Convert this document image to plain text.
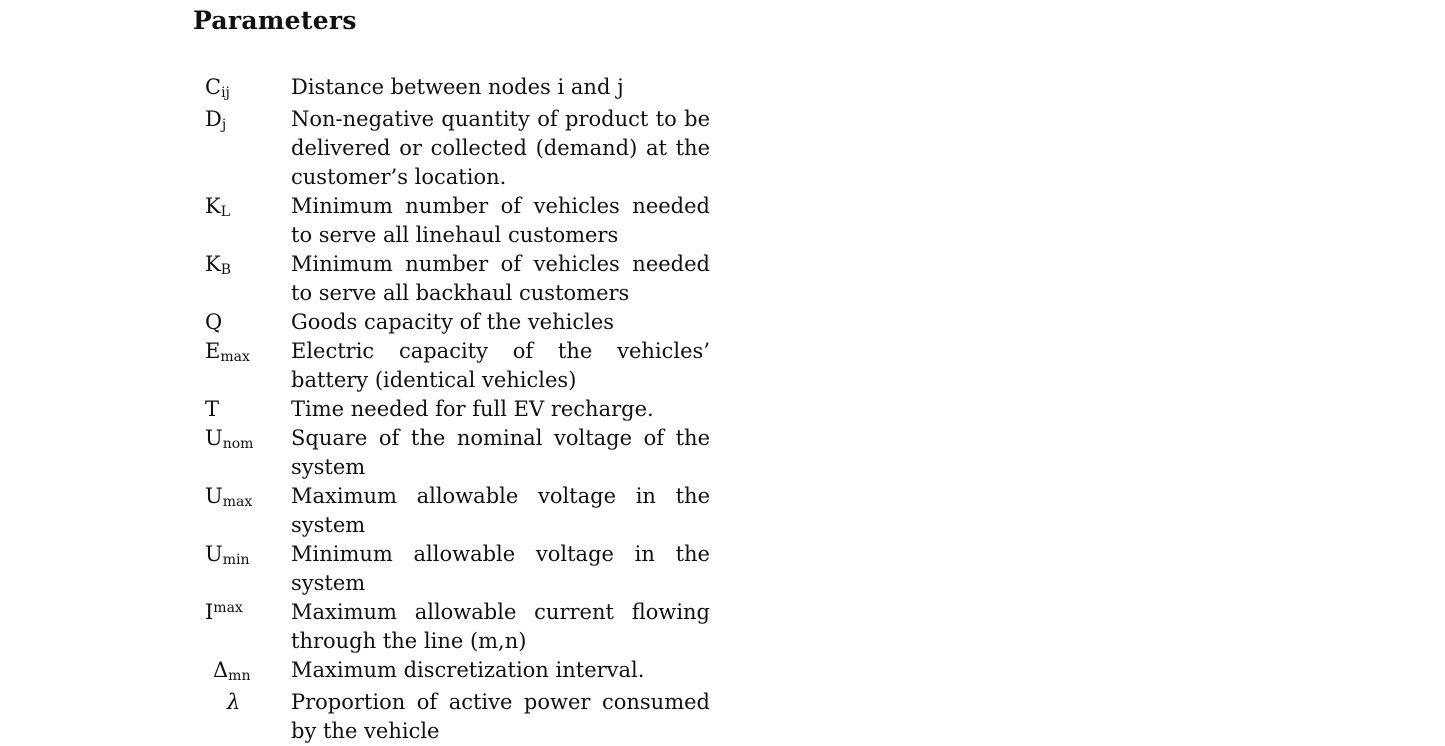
Parameters
Cij	Distance between nodes i and j
Dj	Non-negative quantity of product to be delivered or collected (demand) at the customer’s location.
KL	Minimum number of vehicles needed to serve all linehaul customers
KB	Minimum number of vehicles needed to serve all backhaul customers
Q	Goods capacity of the vehicles
Emax	Electric capacity of the vehicles’ battery (identical vehicles)
T	Time needed for full EV recharge.
Unom	Square of the nominal voltage of the system
Umax	Maximum allowable voltage in the system
Umin	Minimum allowable voltage in the system
$I^{max}$	Maximum allowable current flowing through the line (m,n)
Δmn	Maximum discretization interval.
λ	Proportion of active power consumed by the vehicle
